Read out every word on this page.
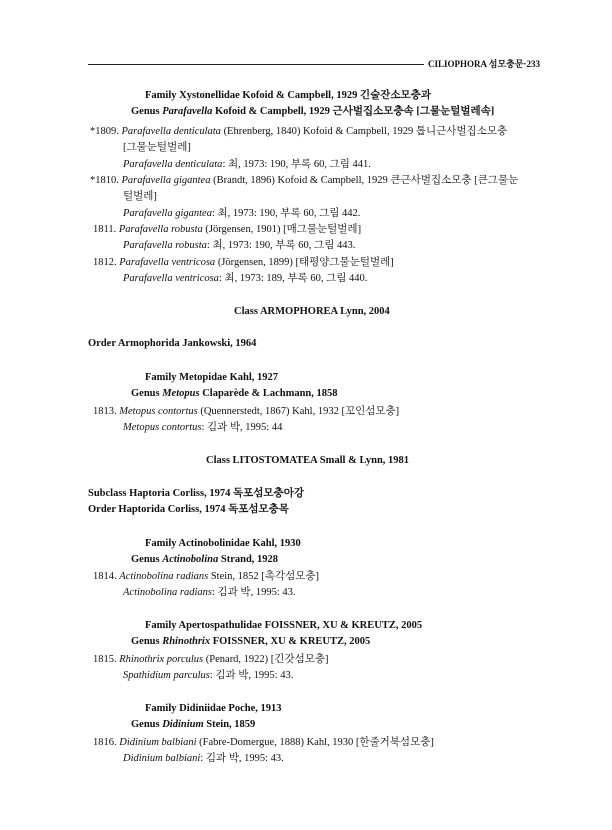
CILIOPHORA 섬모충문·233
Family Xystonellidae Kofoid & Campbell, 1929 긴술잔소모충과
Genus Parafavella Kofoid & Campbell, 1929 근사벌집소모충속 [그물눈털벌레속]
*1809. Parafavella denticulata (Ehrenberg, 1840) Kofoid & Campbell, 1929 톱니근사벌집소모충
[그물눈털벌레]
Parafavella denticulata: 최, 1973: 190, 부록 60, 그림 441.
*1810. Parafavella gigantea (Brandt, 1896) Kofoid & Campbell, 1929 큰근사벌집소모충 [큰그물눈
털벌레]
Parafavella gigantea: 최, 1973: 190, 부록 60, 그림 442.
1811. Parafavella robusta (Jörgensen, 1901) [매그물눈털벌레]
Parafavella robusta: 최, 1973: 190, 부록 60, 그림 443.
1812. Parafavella ventricosa (Jörgensen, 1899) [태평양그물눈털벌레]
Parafavella ventricosa: 최, 1973: 189, 부록 60, 그림 440.
Class ARMOPHOREA Lynn, 2004
Order Armophorida Jankowski, 1964
Family Metopidae Kahl, 1927
Genus Metopus Claparède & Lachmann, 1858
1813. Metopus contortus (Quennerstedt, 1867) Kahl, 1932 [꼬인섬모충]
Metopus contortus: 김과 박, 1995: 44
Class LITOSTOMATEA Small & Lynn, 1981
Subclass Haptoria Corliss, 1974 독포섬모충아강
Order Haptorida Corliss, 1974 독포섬모충목
Family Actinobolinidae Kahl, 1930
Genus Actinobolina Strand, 1928
1814. Actinobolina radians Stein, 1852 [촉각섬모충]
Actinobolina radians: 김과 박, 1995: 43.
Family Apertospathulidae FOISSNER, XU & KREUTZ, 2005
Genus Rhinothrix FOISSNER, XU & KREUTZ, 2005
1815. Rhinothrix porculus (Penard, 1922) [긴갓섬모충]
Spathidium parculus: 김과 박, 1995: 43.
Family Didiniidae Poche, 1913
Genus Didinium Stein, 1859
1816. Didinium balbiani (Fabre-Domergue, 1888) Kahl, 1930 [한줄거북섬모충]
Didinium balbiani: 김과 박, 1995: 43.
